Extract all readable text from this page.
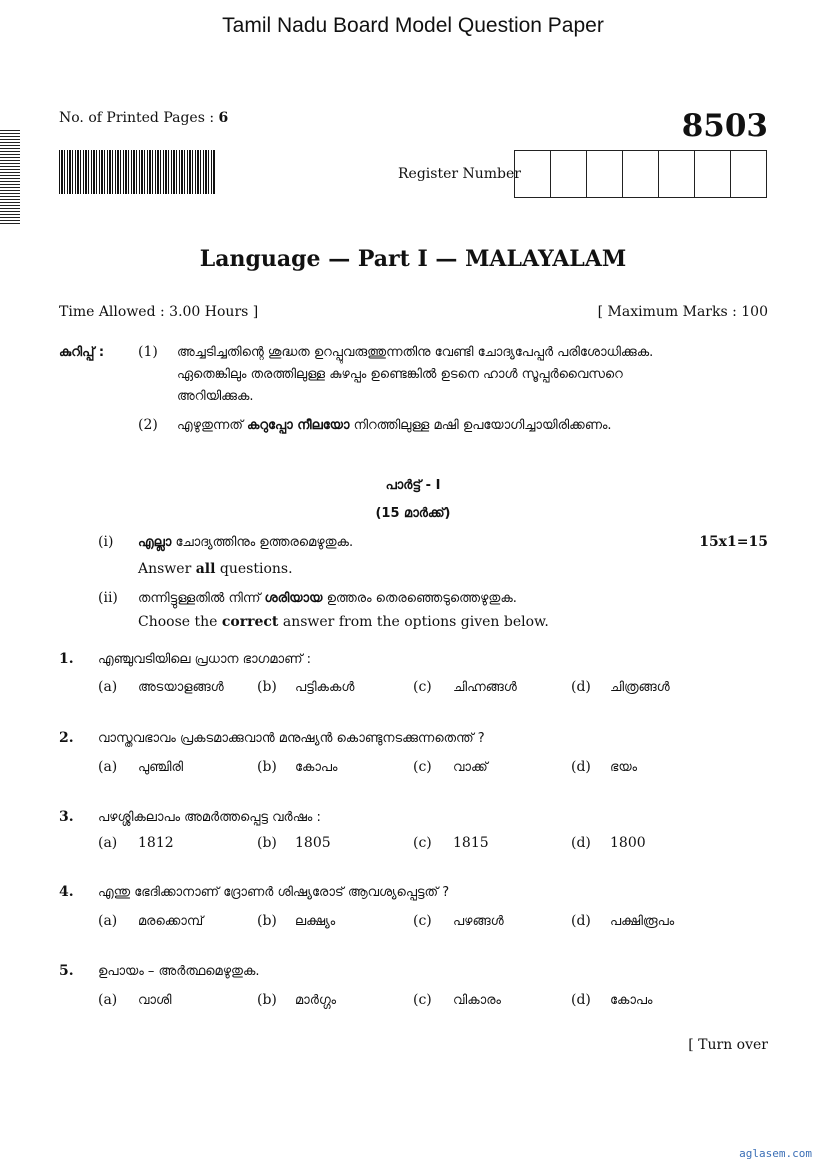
Tamil Nadu Board Model Question Paper
No. of Printed Pages : 6	8503
Register Number
Language — Part I — MALAYALAM
Time Allowed : 3.00 Hours ]	[ Maximum Marks : 100
കുറിപ്പ് : (1) അച്ചടിച്ചതിന്റെ ശുദ്ധത ഉറപ്പുവരുത്തുന്നതിനു വേണ്ടി ചോദ്യപേപ്പർ പരിശോധിക്കുക.
ഏതെങ്കിലും തരത്തിലുള്ള കുഴപ്പം ഉണ്ടെങ്കിൽ ഉടനെ ഹാൾ സൂപ്പർവൈസറെ
അറിയിക്കുക.
(2) എഴുതുന്നത് കറുപ്പോ നീലയോ നിറത്തിലുള്ള മഷി ഉപയോഗിച്ചായിരിക്കണം.
പാർട്ട് - I
(15 മാർക്ക്)
(i) എല്ലാ ചോദ്യത്തിനും ഉത്തരമെഴുതുക.	15x1=15
Answer all questions.
(ii) തന്നിട്ടുള്ളതിൽ നിന്ന് ശരിയായ ഉത്തരം തെരഞ്ഞെടുത്തെഴുതുക.
Choose the correct answer from the options given below.
1. എഞ്ചുവടിയിലെ പ്രധാന ഭാഗമാണ് :
(a) അടയാളങ്ങൾ (b) പട്ടികകൾ	(c) ചിഹ്നങ്ങൾ	(d) ചിത്രങ്ങൾ
2. വാസ്തവഭാവം പ്രകടമാക്കുവാൻ മനുഷ്യൻ കൊണ്ടുനടക്കുന്നതെന്ത് ?
(a) പുഞ്ചിരി	(b) കോപം	(c) വാക്ക്	(d) ഭയം
3. പഴശ്ശികലാപം അമർത്തപ്പെട്ട വർഷം :
(a) 1812	(b) 1805	(c) 1815	(d) 1800
4. എന്തു ഭേദിക്കാനാണ് ദ്രോണർ ശിഷ്യരോട് ആവശ്യപ്പെട്ടത് ?
(a) മരക്കൊമ്പ്	(b) ലക്ഷ്യം	(c) പഴങ്ങൾ	(d) പക്ഷിരൂപം
5. ഉപായം – അർത്ഥമെഴുതുക.
(a) വാശി	(b) മാർഗ്ഗം	(c) വികാരം	(d) കോപം
[ Turn over
aglasem.com
